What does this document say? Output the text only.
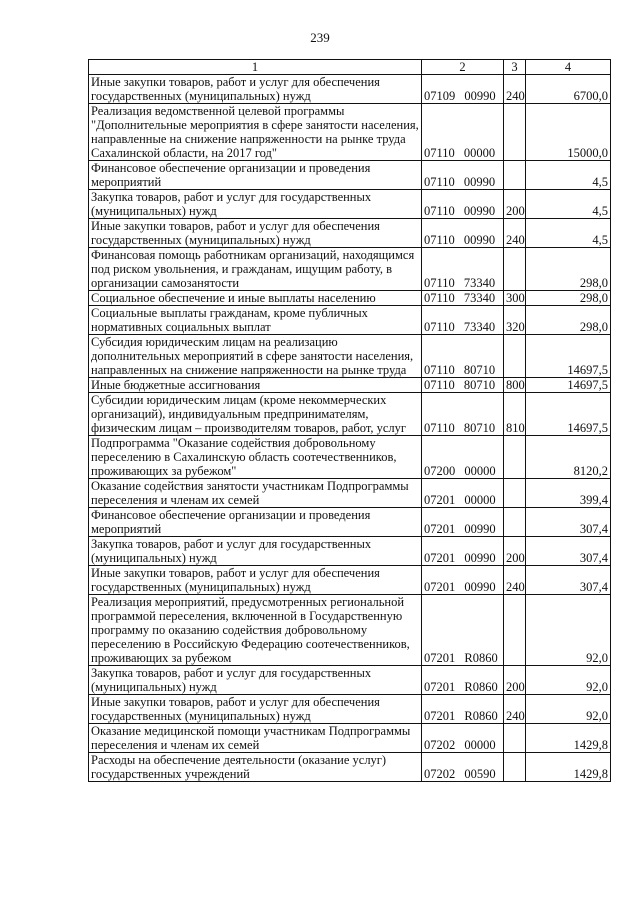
239
1	2	3	4
Иные закупки товаров, работ и услуг для обеспечения государственных (муниципальных) нужд	07109 00990	240	6700,0
Реализация ведомственной целевой программы "Дополнительные мероприятия в сфере занятости населения, направленные на снижение напряженности на рынке труда Сахалинской области, на 2017 год"	07110 00000		15000,0
Финансовое обеспечение организации и проведения мероприятий	07110 00990		4,5
Закупка товаров, работ и услуг для государственных (муниципальных) нужд	07110 00990	200	4,5
Иные закупки товаров, работ и услуг для обеспечения государственных (муниципальных) нужд	07110 00990	240	4,5
Финансовая помощь работникам организаций, находящимся под риском увольнения, и гражданам, ищущим работу, в организации самозанятости	07110 73340		298,0
Социальное обеспечение и иные выплаты населению	07110 73340	300	298,0
Социальные выплаты гражданам, кроме публичных нормативных социальных выплат	07110 73340	320	298,0
Субсидия юридическим лицам на реализацию дополнительных мероприятий в сфере занятости населения, направленных на снижение напряженности на рынке труда	07110 80710		14697,5
Иные бюджетные ассигнования	07110 80710	800	14697,5
Субсидии юридическим лицам (кроме некоммерческих организаций), индивидуальным предпринимателям, физическим лицам – производителям товаров, работ, услуг	07110 80710	810	14697,5
Подпрограмма "Оказание содействия добровольному переселению в Сахалинскую область соотечественников, проживающих за рубежом"	07200 00000		8120,2
Оказание содействия занятости участникам Подпрограммы переселения и членам их семей	07201 00000		399,4
Финансовое обеспечение организации и проведения мероприятий	07201 00990		307,4
Закупка товаров, работ и услуг для государственных (муниципальных) нужд	07201 00990	200	307,4
Иные закупки товаров, работ и услуг для обеспечения государственных (муниципальных) нужд	07201 00990	240	307,4
Реализация мероприятий, предусмотренных региональной программой переселения, включенной в Государственную программу по оказанию содействия добровольному переселению в Российскую Федерацию соотечественников, проживающих за рубежом	07201 R0860		92,0
Закупка товаров, работ и услуг для государственных (муниципальных) нужд	07201 R0860	200	92,0
Иные закупки товаров, работ и услуг для обеспечения государственных (муниципальных) нужд	07201 R0860	240	92,0
Оказание медицинской помощи участникам Подпрограммы переселения и членам их семей	07202 00000		1429,8
Расходы на обеспечение деятельности (оказание услуг) государственных учреждений	07202 00590		1429,8
